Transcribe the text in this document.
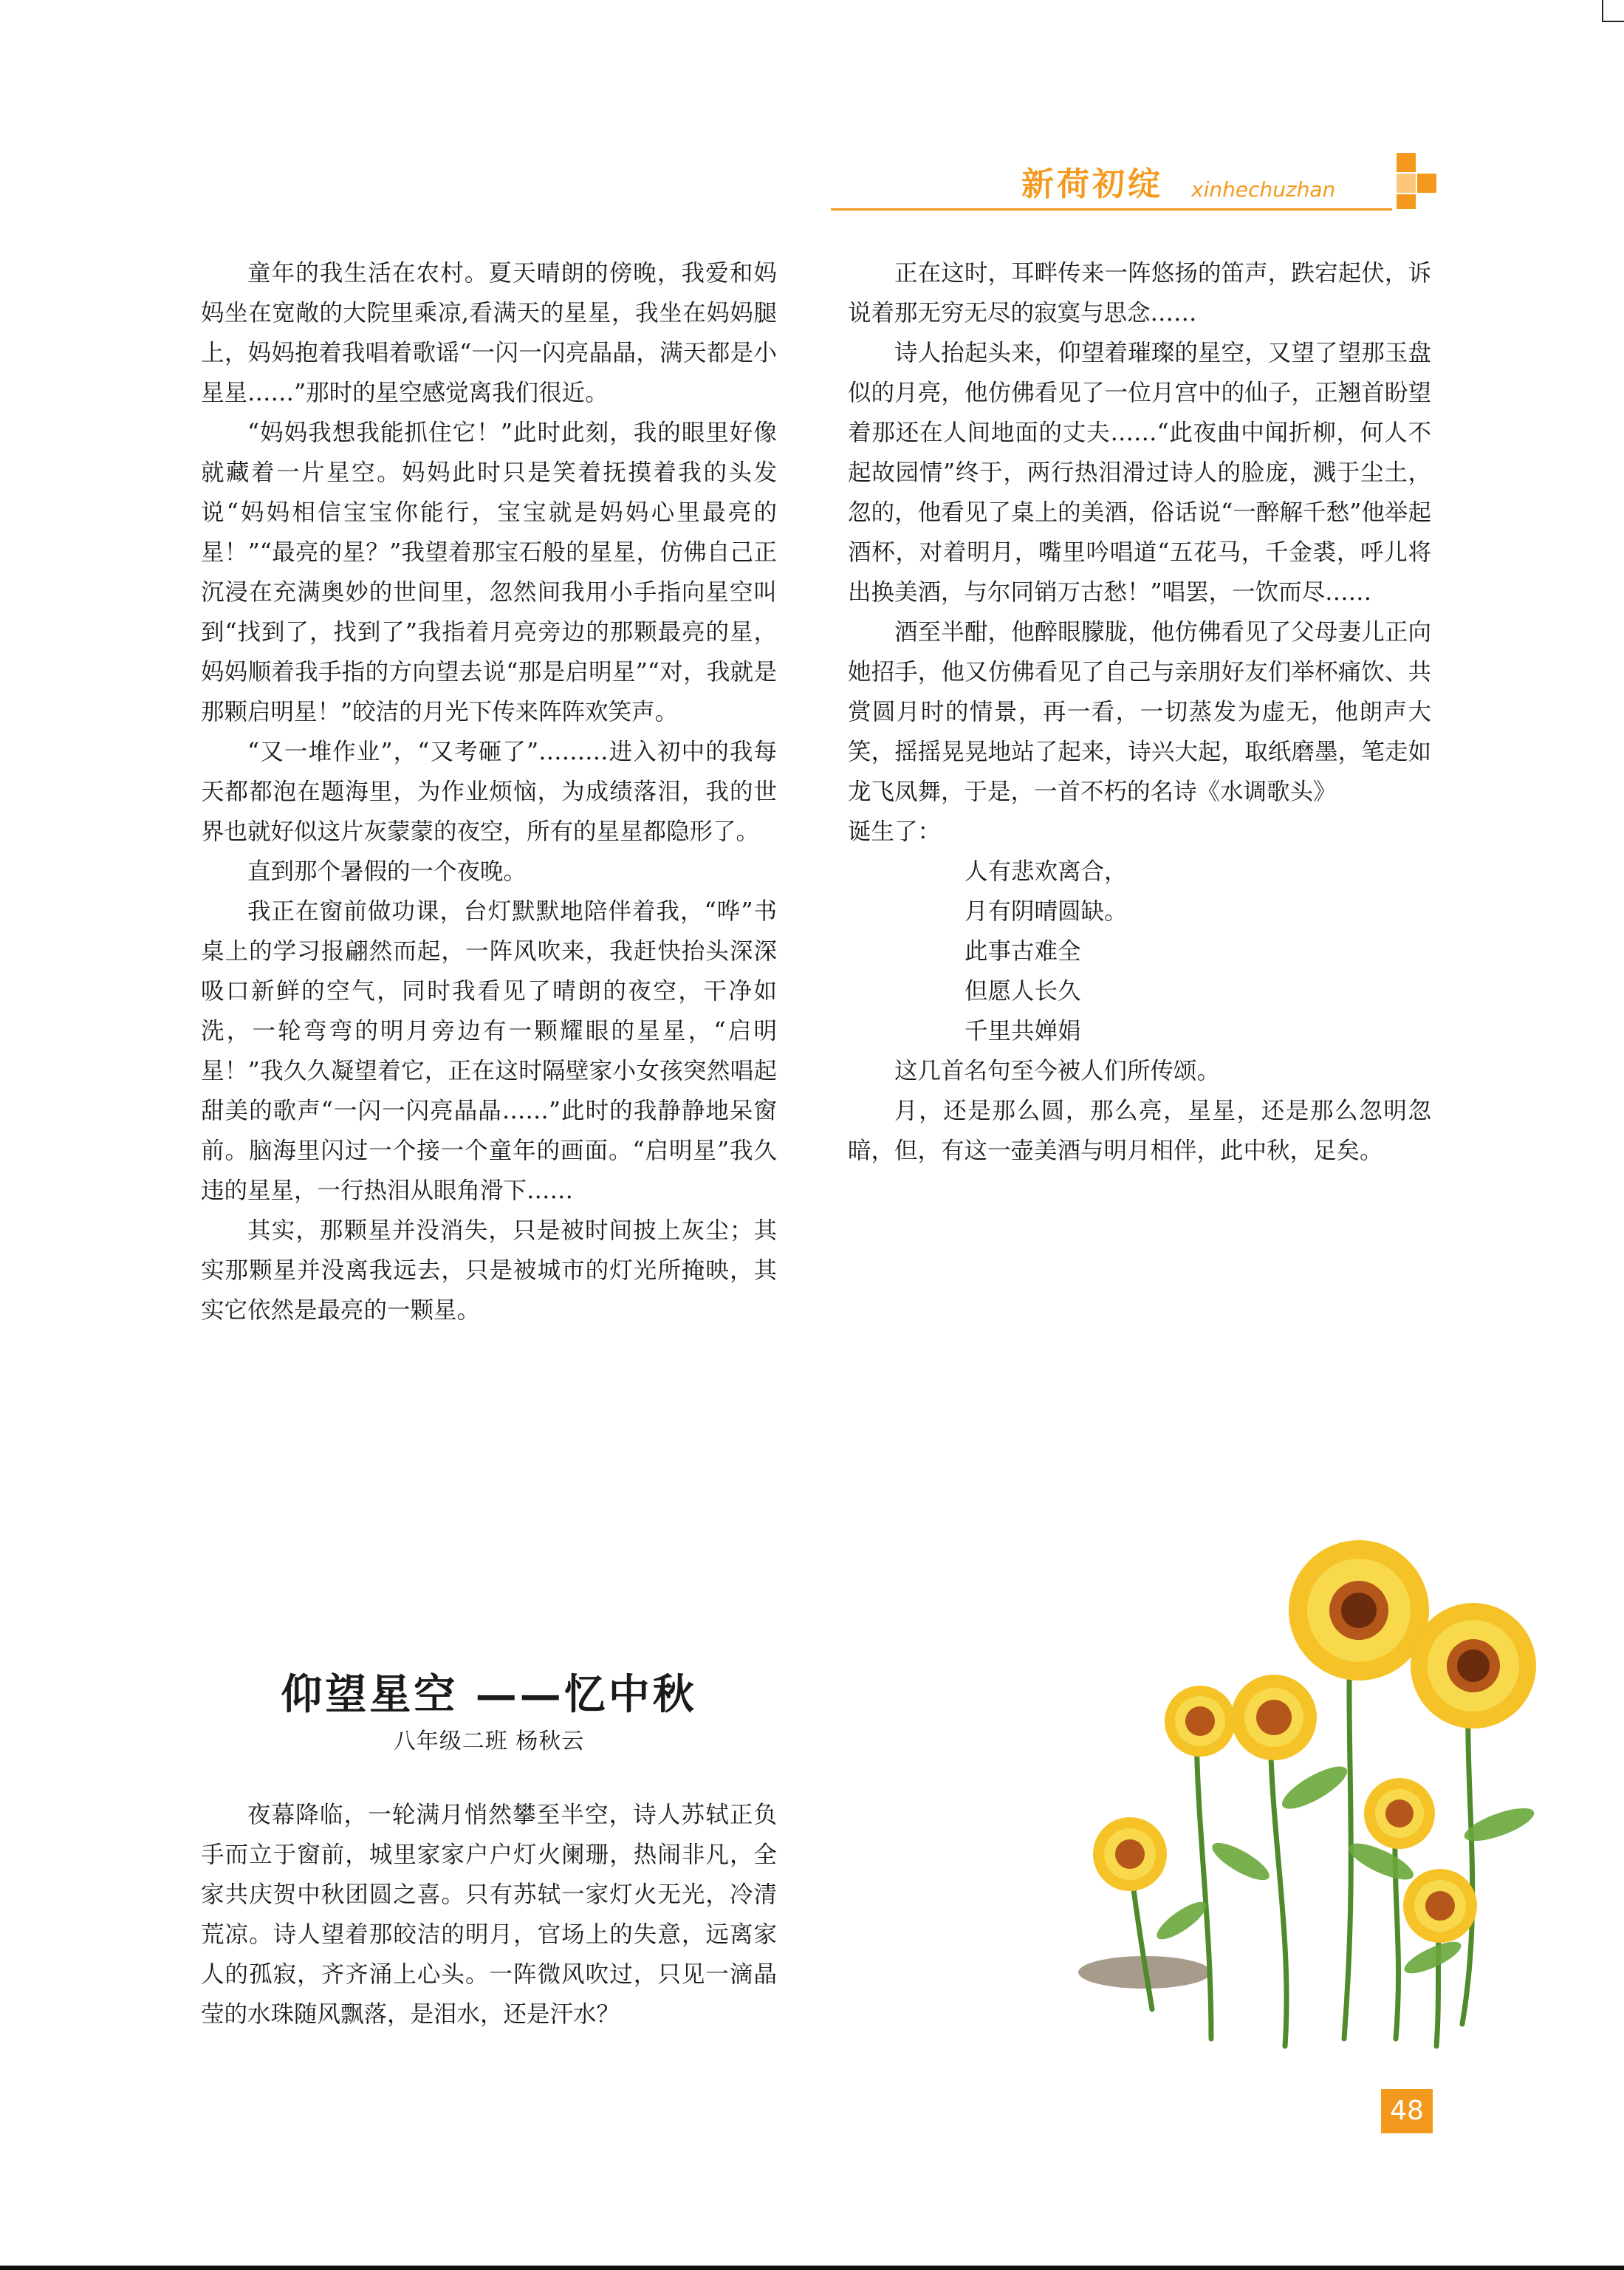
新荷初绽 xinhechuzhan

童年的我生活在农村。夏天晴朗的傍晚，我爱和妈妈坐在宽敞的大院里乘凉,看满天的星星，我坐在妈妈腿上，妈妈抱着我唱着歌谣“一闪一闪亮晶晶，满天都是小星星……”那时的星空感觉离我们很近。

“妈妈我想我能抓住它！”此时此刻，我的眼里好像就藏着一片星空。妈妈此时只是笑着抚摸着我的头发说“妈妈相信宝宝你能行，宝宝就是妈妈心里最亮的星！”“最亮的星？”我望着那宝石般的星星，仿佛自己正沉浸在充满奥妙的世间里，忽然间我用小手指向星空叫到“找到了，找到了”我指着月亮旁边的那颗最亮的星，妈妈顺着我手指的方向望去说“那是启明星”“对，我就是那颗启明星！”皎洁的月光下传来阵阵欢笑声。

“又一堆作业”，“又考砸了”………进入初中的我每天都都泡在题海里，为作业烦恼，为成绩落泪，我的世界也就好似这片灰蒙蒙的夜空，所有的星星都隐形了。

直到那个暑假的一个夜晚。

我正在窗前做功课，台灯默默地陪伴着我，“哗”书桌上的学习报翩然而起，一阵风吹来，我赶快抬头深深吸口新鲜的空气，同时我看见了晴朗的夜空，干净如洗，一轮弯弯的明月旁边有一颗耀眼的星星，“启明星！”我久久凝望着它，正在这时隔壁家小女孩突然唱起甜美的歌声“一闪一闪亮晶晶……”此时的我静静地呆窗前。脑海里闪过一个接一个童年的画面。“启明星”我久违的星星，一行热泪从眼角滑下……

其实，那颗星并没消失，只是被时间披上灰尘；其实那颗星并没离我远去，只是被城市的灯光所掩映，其实它依然是最亮的一颗星。

仰望星空 ——忆中秋
八年级二班 杨秋云

夜幕降临，一轮满月悄然攀至半空，诗人苏轼正负手而立于窗前，城里家家户户灯火阑珊，热闹非凡，全家共庆贺中秋团圆之喜。只有苏轼一家灯火无光，冷清荒凉。诗人望着那皎洁的明月，官场上的失意，远离家人的孤寂，齐齐涌上心头。一阵微风吹过，只见一滴晶莹的水珠随风飘落，是泪水，还是汗水？

正在这时，耳畔传来一阵悠扬的笛声，跌宕起伏，诉说着那无穷无尽的寂寞与思念……

诗人抬起头来，仰望着璀璨的星空，又望了望那玉盘似的月亮，他仿佛看见了一位月宫中的仙子，正翘首盼望着那还在人间地面的丈夫……“此夜曲中闻折柳，何人不起故园情”终于，两行热泪滑过诗人的脸庞，溅于尘土，忽的，他看见了桌上的美酒，俗话说“一醉解千愁”他举起酒杯，对着明月，嘴里吟唱道“五花马，千金裘，呼儿将出换美酒，与尔同销万古愁！”唱罢，一饮而尽……

酒至半酣，他醉眼朦胧，他仿佛看见了父母妻儿正向她招手，他又仿佛看见了自己与亲朋好友们举杯痛饮、共赏圆月时的情景，再一看，一切蒸发为虚无，他朗声大笑，摇摇晃晃地站了起来，诗兴大起，取纸磨墨，笔走如龙飞凤舞，于是，一首不朽的名诗《水调歌头》

诞生了：

人有悲欢离合，
月有阴晴圆缺。
此事古难全
但愿人长久
千里共婵娟

这几首名句至今被人们所传颂。

月，还是那么圆，那么亮，星星，还是那么忽明忽暗，但，有这一壶美酒与明月相伴，此中秋，足矣。

48
